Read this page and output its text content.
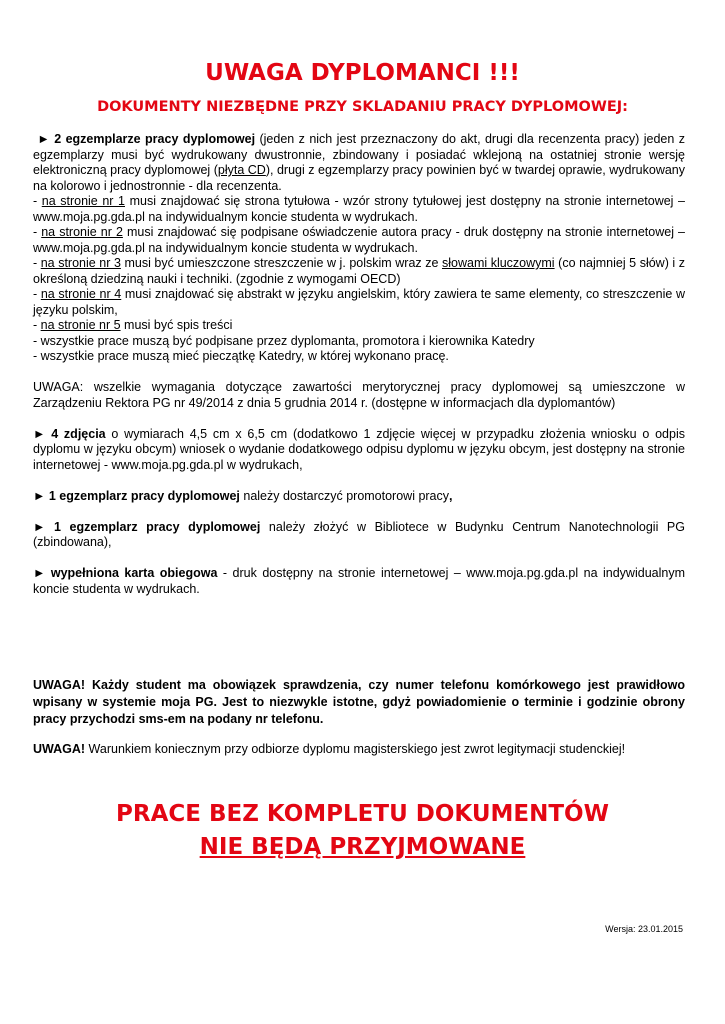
UWAGA DYPLOMANCI !!!
DOKUMENTY NIEZBĘDNE PRZY SKLADANIU PRACY DYPLOMOWEJ:

► 2 egzemplarze pracy dyplomowej (jeden z nich jest przeznaczony do akt, drugi dla recenzenta pracy) jeden z egzemplarzy musi być wydrukowany dwustronnie, zbindowany i posiadać wklejoną na ostatniej stronie wersję elektroniczną pracy dyplomowej (płyta CD), drugi z egzemplarzy pracy powinien być w twardej oprawie, wydrukowany na kolorowo i jednostronnie - dla recenzenta.
- na stronie nr 1 musi znajdować się strona tytułowa - wzór strony tytułowej jest dostępny na stronie internetowej – www.moja.pg.gda.pl na indywidualnym koncie studenta w wydrukach.
- na stronie nr 2 musi znajdować się podpisane oświadczenie autora pracy - druk dostępny na stronie internetowej – www.moja.pg.gda.pl na indywidualnym koncie studenta w wydrukach.
- na stronie nr 3 musi być umieszczone streszczenie w j. polskim wraz ze słowami kluczowymi (co najmniej 5 słów) i z określoną dziedziną nauki i techniki. (zgodnie z wymogami OECD)
- na stronie nr 4 musi znajdować się abstrakt w języku angielskim, który zawiera te same elementy, co streszczenie w języku polskim,
- na stronie nr 5 musi być spis treści
- wszystkie prace muszą być podpisane przez dyplomanta, promotora i kierownika Katedry
- wszystkie prace muszą mieć pieczątkę Katedry, w której wykonano pracę.

UWAGA: wszelkie wymagania dotyczące zawartości merytorycznej pracy dyplomowej są umieszczone w Zarządzeniu Rektora PG nr 49/2014 z dnia 5 grudnia 2014 r. (dostępne w informacjach dla dyplomantów)

► 4 zdjęcia o wymiarach 4,5 cm x 6,5 cm (dodatkowo 1 zdjęcie więcej w przypadku złożenia wniosku o odpis dyplomu w języku obcym) wniosek o wydanie dodatkowego odpisu dyplomu w języku obcym, jest dostępny na stronie internetowej - www.moja.pg.gda.pl w wydrukach,

► 1 egzemplarz pracy dyplomowej należy dostarczyć promotorowi pracy,

► 1 egzemplarz pracy dyplomowej należy złożyć w Bibliotece w Budynku Centrum Nanotechnologii PG (zbindowana),

► wypełniona karta obiegowa - druk dostępny na stronie internetowej – www.moja.pg.gda.pl na indywidualnym koncie studenta w wydrukach.

UWAGA! Każdy student ma obowiązek sprawdzenia, czy numer telefonu komórkowego jest prawidłowo wpisany w systemie moja PG. Jest to niezwykle istotne, gdyż powiadomienie o terminie i godzinie obrony pracy przychodzi sms-em na podany nr telefonu.
UWAGA! Warunkiem koniecznym przy odbiorze dyplomu magisterskiego jest zwrot legitymacji studenckiej!
PRACE BEZ KOMPLETU DOKUMENTÓW
NIE BĘDĄ PRZYJMOWANE
Wersja: 23.01.2015
